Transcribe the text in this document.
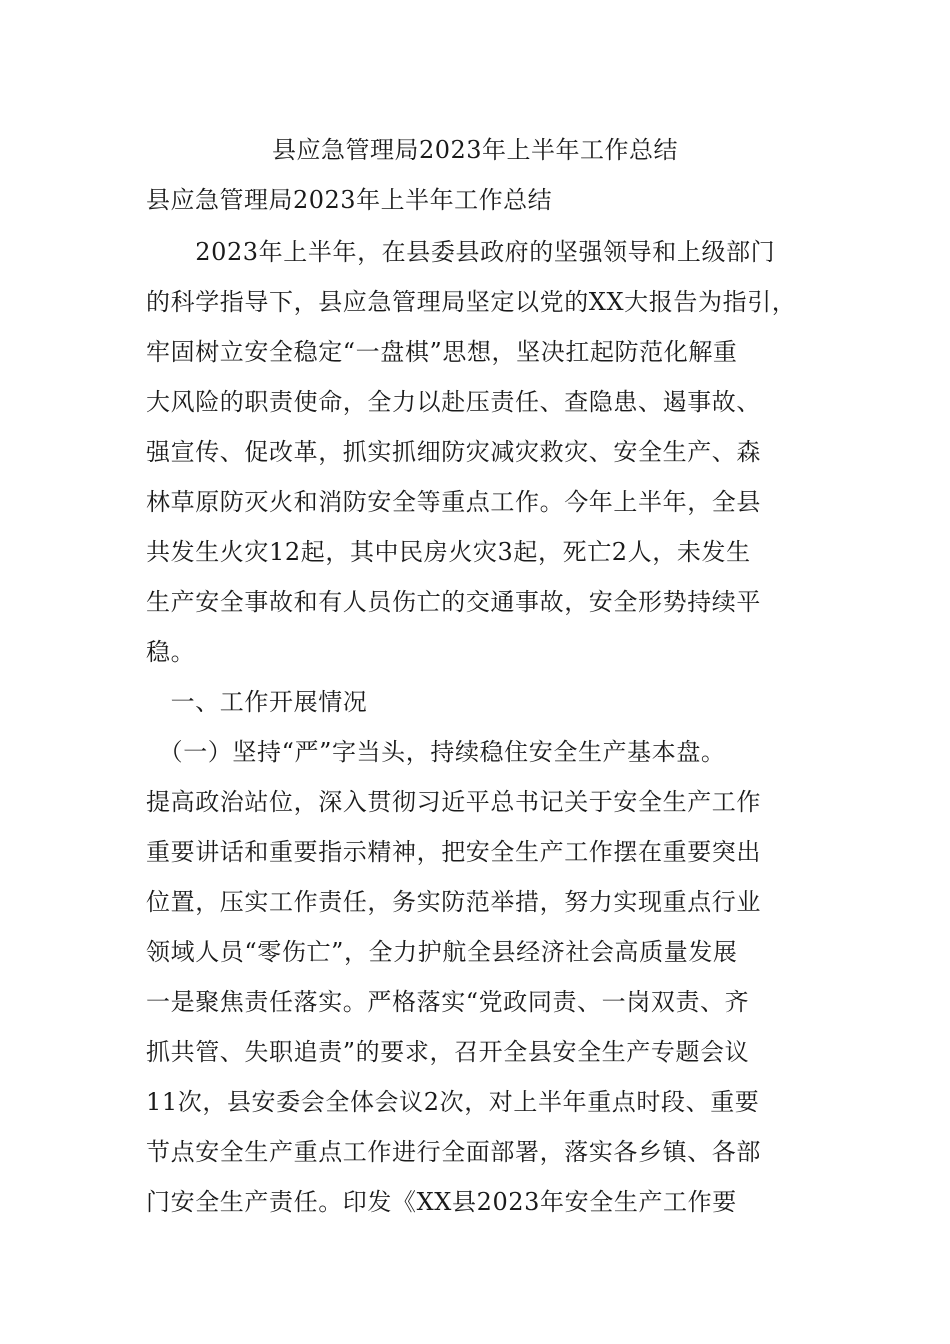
县应急管理局2023年上半年工作总结
县应急管理局2023年上半年工作总结
　　2023年上半年，在县委县政府的坚强领导和上级部门
的科学指导下，县应急管理局坚定以党的XX大报告为指引，
牢固树立安全稳定“一盘棋”思想，坚决扛起防范化解重
大风险的职责使命，全力以赴压责任、查隐患、遏事故、
强宣传、促改革，抓实抓细防灾减灾救灾、安全生产、森
林草原防灭火和消防安全等重点工作。今年上半年，全县
共发生火灾12起，其中民房火灾3起，死亡2人，未发生
生产安全事故和有人员伤亡的交通事故，安全形势持续平
稳。
　一、工作开展情况
　（一）坚持“严”字当头，持续稳住安全生产基本盘。
提高政治站位，深入贯彻习近平总书记关于安全生产工作
重要讲话和重要指示精神，把安全生产工作摆在重要突出
位置，压实工作责任，务实防范举措，努力实现重点行业
领域人员“零伤亡”，全力护航全县经济社会高质量发展
一是聚焦责任落实。严格落实“党政同责、一岗双责、齐
抓共管、失职追责”的要求，召开全县安全生产专题会议
11次，县安委会全体会议2次，对上半年重点时段、重要
节点安全生产重点工作进行全面部署，落实各乡镇、各部
门安全生产责任。印发《XX县2023年安全生产工作要
